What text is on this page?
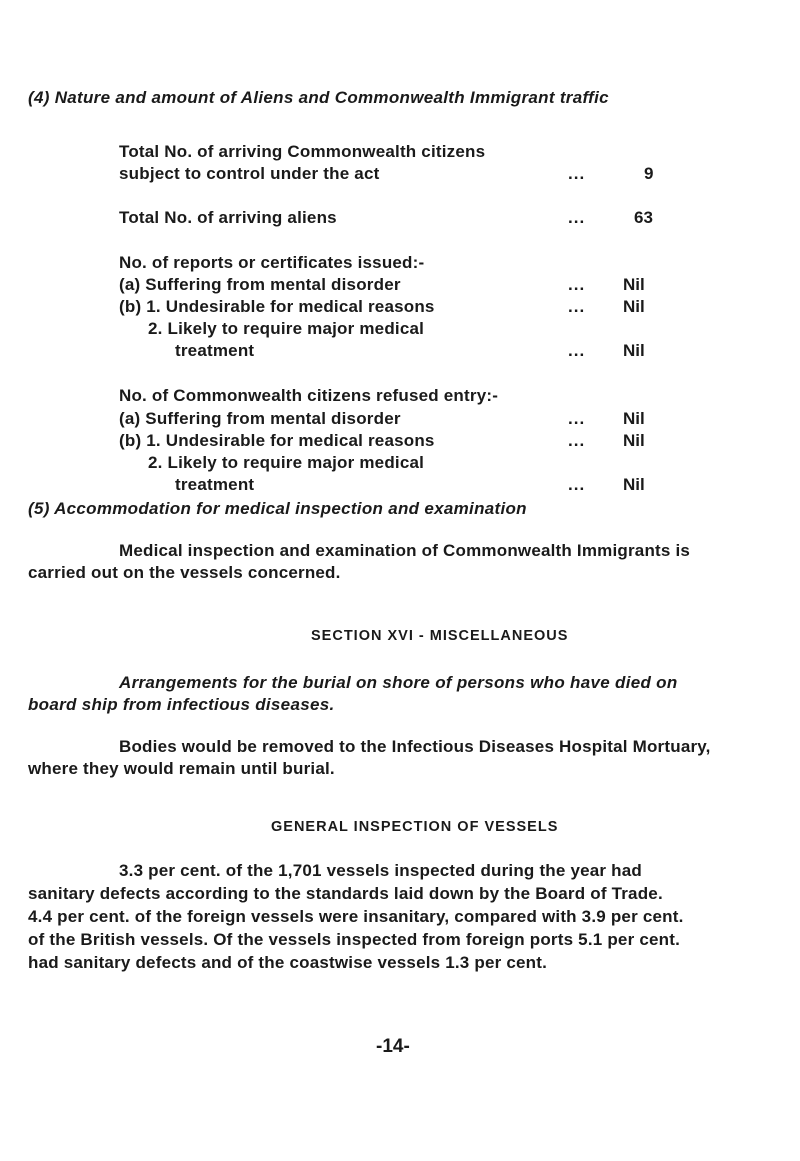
(4) Nature and amount of Aliens and Commonwealth Immigrant traffic
Total No. of arriving Commonwealth citizens
subject to control under the act	...	9
Total No. of arriving aliens	...	63
No. of reports or certificates issued:-
(a) Suffering from mental disorder	... Nil
(b) 1. Undesirable for medical reasons	... Nil
2. Likely to require major medical
treatment	... Nil
No. of Commonwealth citizens refused entry:-
(a) Suffering from mental disorder	... Nil
(b) 1. Undesirable for medical reasons	... Nil
2. Likely to require major medical
treatment	... Nil
(5) Accommodation for medical inspection and examination
Medical inspection and examination of Commonwealth Immigrants is
carried out on the vessels concerned.
SECTION XVI - MISCELLANEOUS
Arrangements for the burial on shore of persons who have died on
board ship from infectious diseases.
Bodies would be removed to the Infectious Diseases Hospital Mortuary,
where they would remain until burial.
GENERAL INSPECTION OF VESSELS
3.3 per cent. of the 1,701 vessels inspected during the year had
sanitary defects according to the standards laid down by the Board of Trade.
4.4 per cent. of the foreign vessels were insanitary, compared with 3.9 per cent.
of the British vessels. Of the vessels inspected from foreign ports 5.1 per cent.
had sanitary defects and of the coastwise vessels 1.3 per cent.
-14-
